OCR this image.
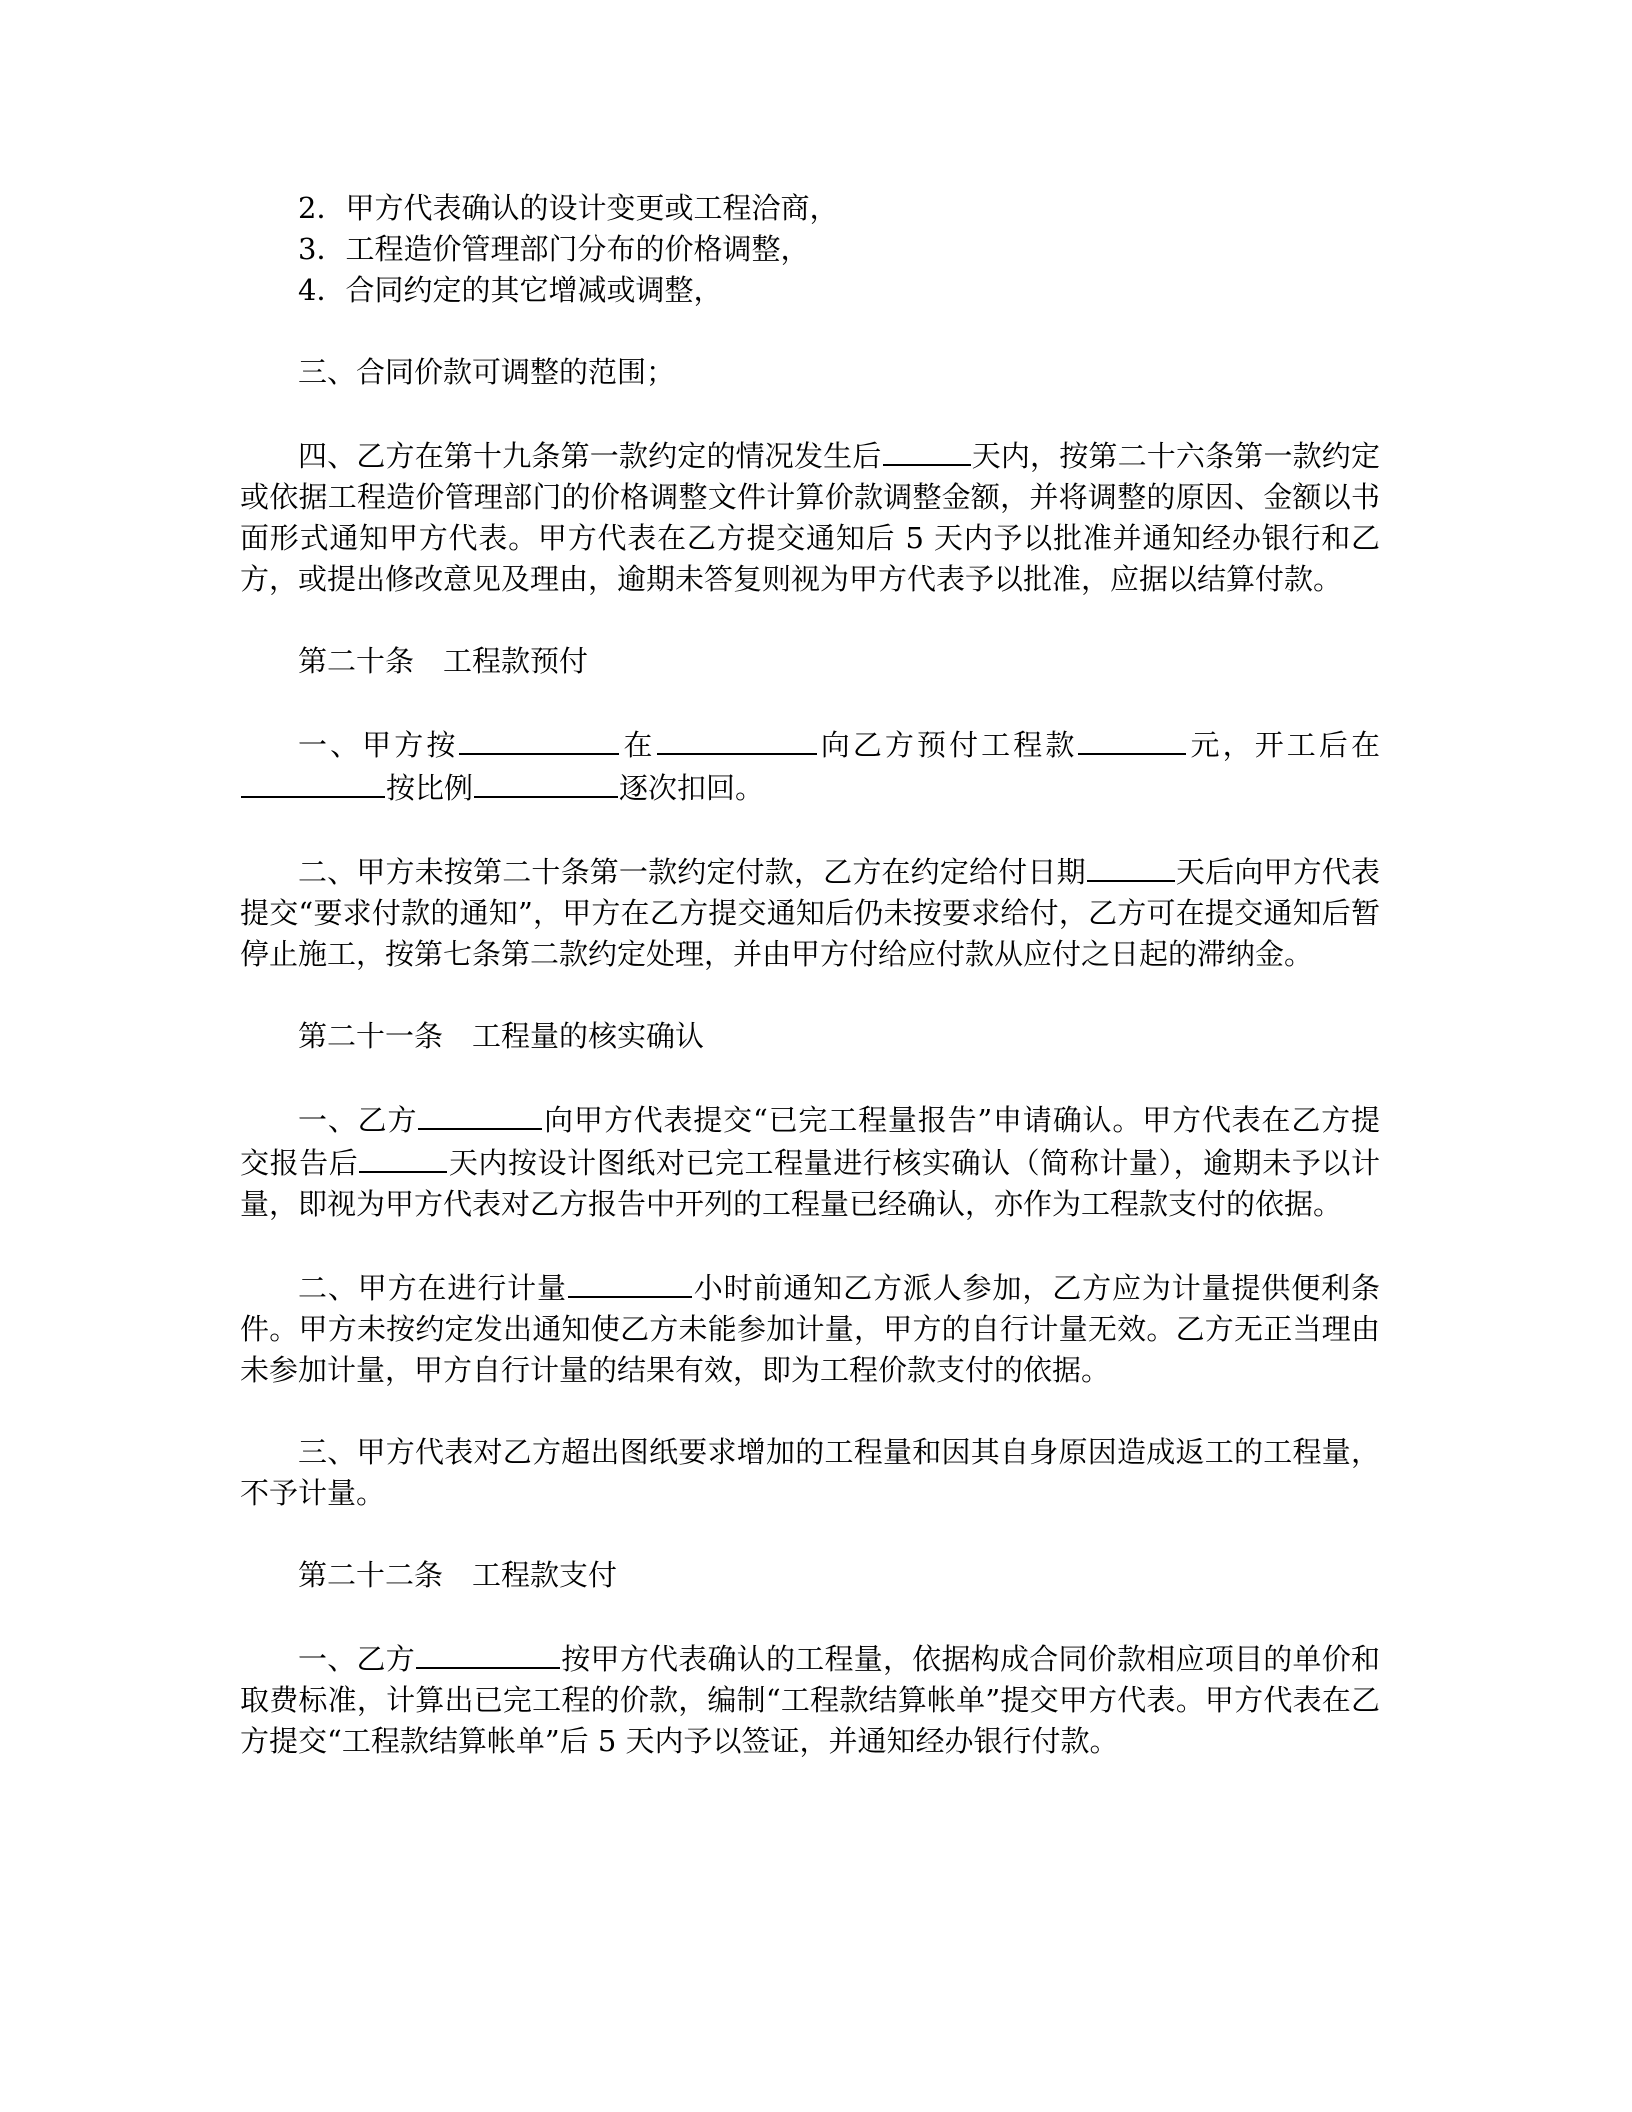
2．甲方代表确认的设计变更或工程洽商，

3．工程造价管理部门分布的价格调整，

4．合同约定的其它增减或调整，

三、合同价款可调整的范围；

四、乙方在第十九条第一款约定的情况发生后	天内，按第二十六条第一款约定或依据工程造价管理部门的价格调整文件计算价款调整金额，并将调整的原因、金额以书面形式通知甲方代表。甲方代表在乙方提交通知后 5 天内予以批准并通知经办银行和乙方，或提出修改意见及理由，逾期未答复则视为甲方代表予以批准，应据以结算付款。

第二十条　工程款预付

一、甲方按	在	向乙方预付工程款	元，开工后在按比例	逐次扣回。

二、甲方未按第二十条第一款约定付款，乙方在约定给付日期	天后向甲方代表提交“要求付款的通知”，甲方在乙方提交通知后仍未按要求给付，乙方可在提交通知后暂停止施工，按第七条第二款约定处理，并由甲方付给应付款从应付之日起的滞纳金。

第二十一条　工程量的核实确认

一、乙方	向甲方代表提交“已完工程量报告”申请确认。甲方代表在乙方提交报告后	天内按设计图纸对已完工程量进行核实确认（简称计量），逾期未予以计量，即视为甲方代表对乙方报告中开列的工程量已经确认，亦作为工程款支付的依据。

二、甲方在进行计量	小时前通知乙方派人参加，乙方应为计量提供便利条件。甲方未按约定发出通知使乙方未能参加计量，甲方的自行计量无效。乙方无正当理由未参加计量，甲方自行计量的结果有效，即为工程价款支付的依据。

三、甲方代表对乙方超出图纸要求增加的工程量和因其自身原因造成返工的工程量，不予计量。

第二十二条　工程款支付

一、乙方	按甲方代表确认的工程量，依据构成合同价款相应项目的单价和取费标准，计算出已完工程的价款，编制“工程款结算帐单”提交甲方代表。甲方代表在乙方提交“工程款结算帐单”后 5 天内予以签证，并通知经办银行付款。
